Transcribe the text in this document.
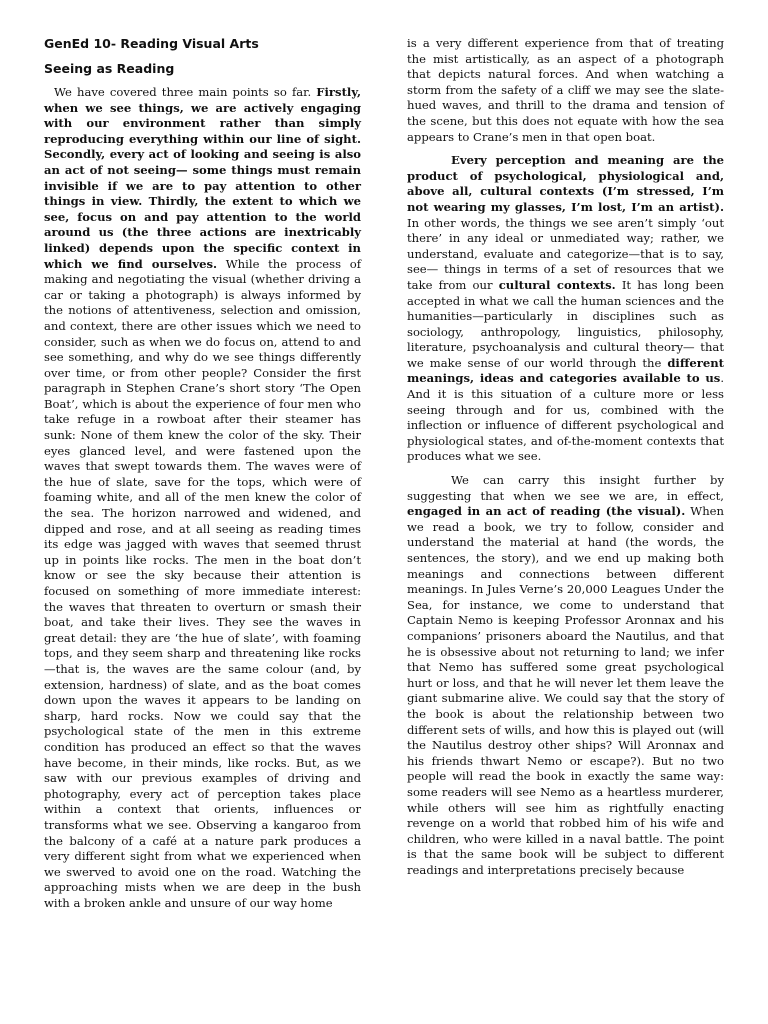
GenEd 10- Reading Visual Arts

Seeing as Reading

We have covered three main points so far. Firstly, when we see things, we are actively engaging with our environment rather than simply reproducing everything within our line of sight. Secondly, every act of looking and seeing is also an act of not seeing— some things must remain invisible if we are to pay attention to other things in view. Thirdly, the extent to which we see, focus on and pay attention to the world around us (the three actions are inextricably linked) depends upon the specific context in which we find ourselves. While the process of making and negotiating the visual (whether driving a car or taking a photograph) is always informed by the notions of attentiveness, selection and omission, and context, there are other issues which we need to consider, such as when we do focus on, attend to and see something, and why do we see things differently over time, or from other people? Consider the first paragraph in Stephen Crane’s short story ‘The Open Boat’, which is about the experience of four men who take refuge in a rowboat after their steamer has sunk: None of them knew the color of the sky. Their eyes glanced level, and were fastened upon the waves that swept towards them. The waves were of the hue of slate, save for the tops, which were of foaming white, and all of the men knew the color of the sea. The horizon narrowed and widened, and dipped and rose, and at all seeing as reading times its edge was jagged with waves that seemed thrust up in points like rocks. The men in the boat don’t know or see the sky because their attention is focused on something of more immediate interest: the waves that threaten to overturn or smash their boat, and take their lives. They see the waves in great detail: they are ‘the hue of slate’, with foaming tops, and they seem sharp and threatening like rocks—that is, the waves are the same colour (and, by extension, hardness) of slate, and as the boat comes down upon the waves it appears to be landing on sharp, hard rocks. Now we could say that the psychological state of the men in this extreme condition has produced an effect so that the waves have become, in their minds, like rocks. But, as we saw with our previous examples of driving and photography, every act of perception takes place within a context that orients, influences or transforms what we see. Observing a kangaroo from the balcony of a café at a nature park produces a very different sight from what we experienced when we swerved to avoid one on the road. Watching the approaching mists when we are deep in the bush with a broken ankle and unsure of our way home

is a very different experience from that of treating the mist artistically, as an aspect of a photograph that depicts natural forces. And when watching a storm from the safety of a cliff we may see the slate-hued waves, and thrill to the drama and tension of the scene, but this does not equate with how the sea appears to Crane’s men in that open boat.

Every perception and meaning are the product of psychological, physiological and, above all, cultural contexts (I’m stressed, I’m not wearing my glasses, I’m lost, I’m an artist). In other words, the things we see aren’t simply ‘out there’ in any ideal or unmediated way; rather, we understand, evaluate and categorize—that is to say, see— things in terms of a set of resources that we take from our cultural contexts. It has long been accepted in what we call the human sciences and the humanities—particularly in disciplines such as sociology, anthropology, linguistics, philosophy, literature, psychoanalysis and cultural theory— that we make sense of our world through the different meanings, ideas and categories available to us. And it is this situation of a culture more or less seeing through and for us, combined with the inflection or influence of different psychological and physiological states, and of-the-moment contexts that produces what we see.

We can carry this insight further by suggesting that when we see we are, in effect, engaged in an act of reading (the visual). When we read a book, we try to follow, consider and understand the material at hand (the words, the sentences, the story), and we end up making both meanings and connections between different meanings. In Jules Verne’s 20,000 Leagues Under the Sea, for instance, we come to understand that Captain Nemo is keeping Professor Aronnax and his companions’ prisoners aboard the Nautilus, and that he is obsessive about not returning to land; we infer that Nemo has suffered some great psychological hurt or loss, and that he will never let them leave the giant submarine alive. We could say that the story of the book is about the relationship between two different sets of wills, and how this is played out (will the Nautilus destroy other ships? Will Aronnax and his friends thwart Nemo or escape?). But no two people will read the book in exactly the same way: some readers will see Nemo as a heartless murderer, while others will see him as rightfully enacting revenge on a world that robbed him of his wife and children, who were killed in a naval battle. The point is that the same book will be subject to different readings and interpretations precisely because
